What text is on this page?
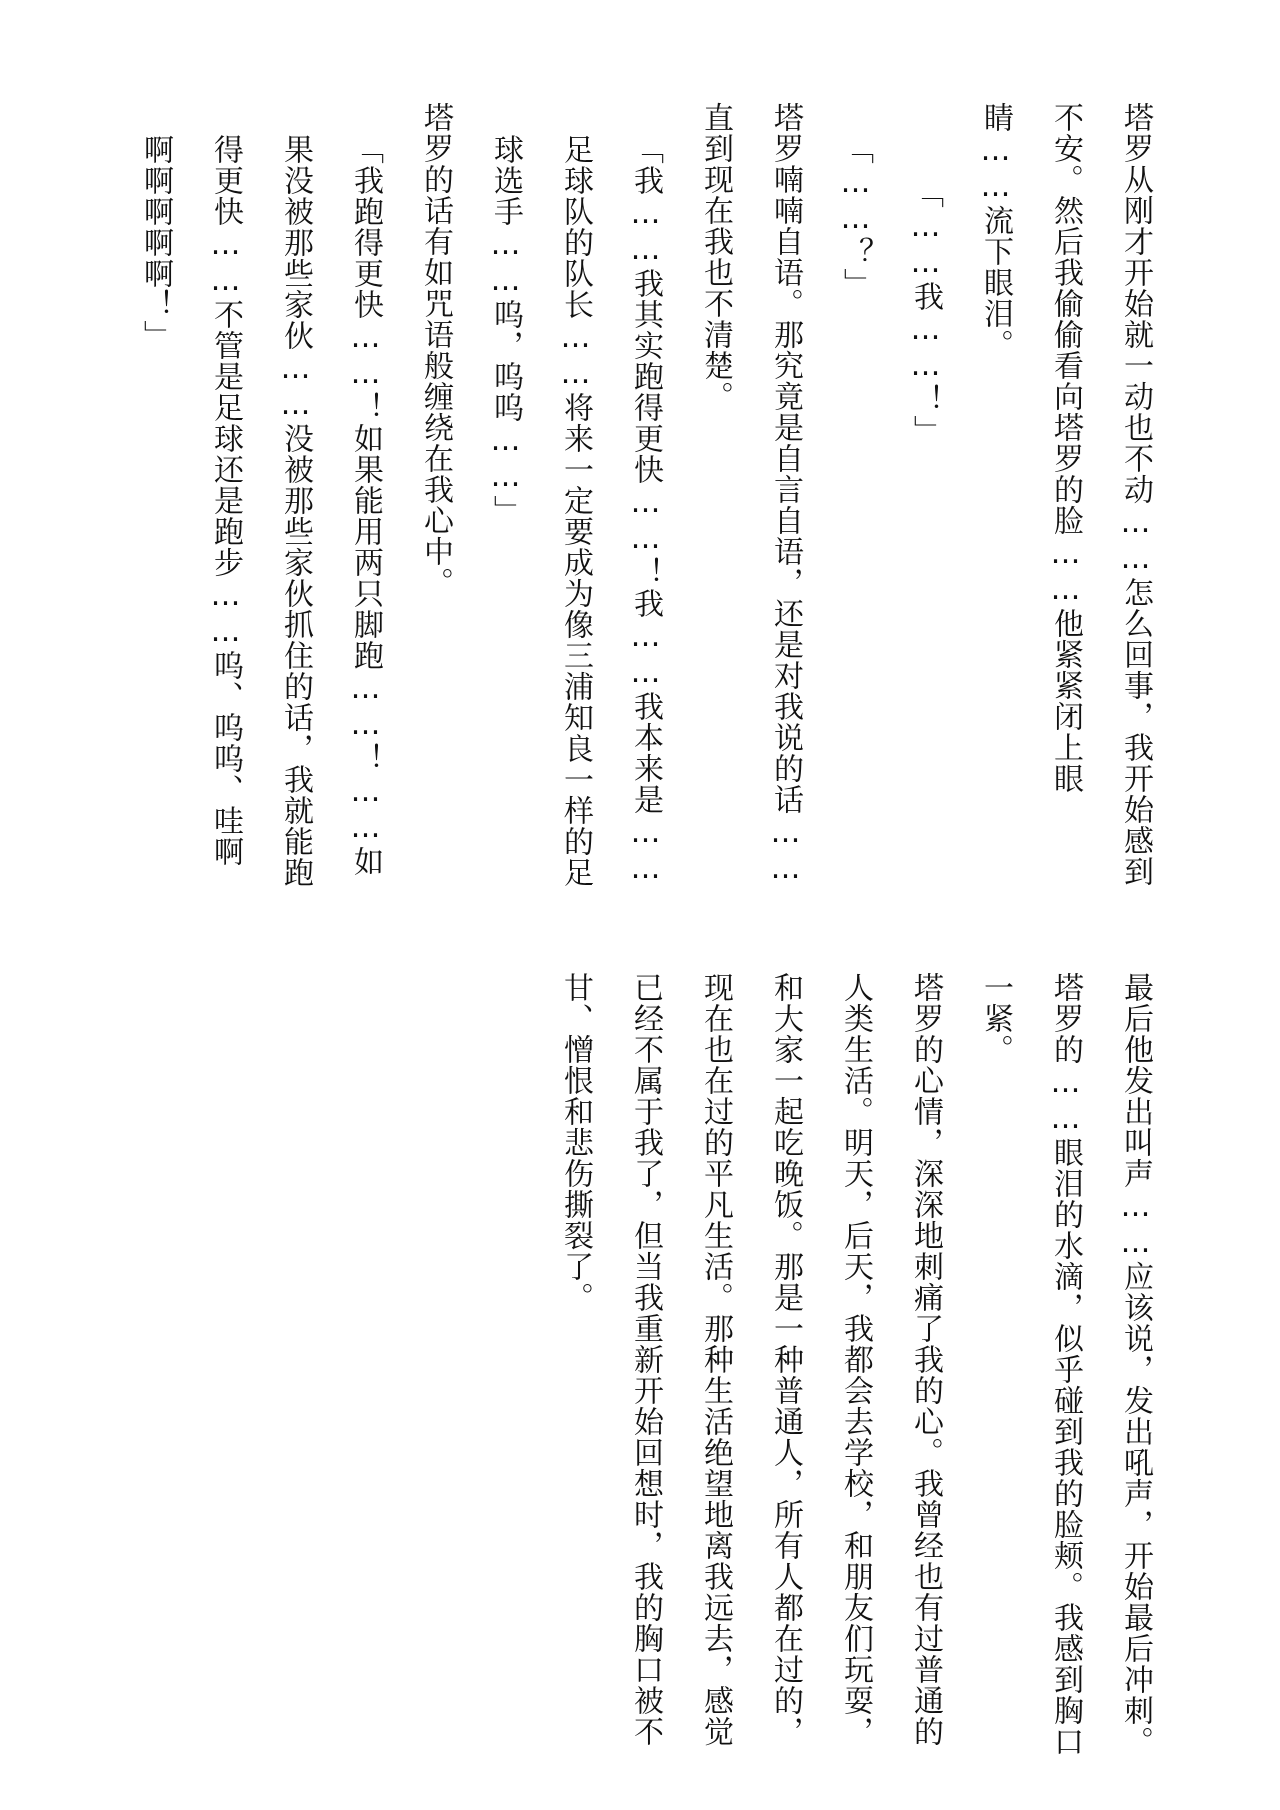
塔罗从刚才开始就一动也不动……怎么回事，我开始感到不安。然后我偷偷看向塔罗的脸……他紧紧闭上眼睛……流下眼泪。

「……我……！」

「……？」

塔罗喃喃自语。那究竟是自言自语，还是对我说的话……直到现在我也不清楚。

「我……我其实跑得更快……！我……我本来是……足球队的队长……将来一定要成为像三浦知良一样的足球选手……呜，呜呜……」

塔罗的话有如咒语般缠绕在我心中。

「我跑得更快……！如果能用两只脚跑……！……如果没被那些家伙……没被那些家伙抓住的话，我就能跑得更快……不管是足球还是跑步……呜、呜呜、哇啊啊啊啊啊啊！」

最后他发出叫声……应该说，发出吼声，开始最后冲刺。

塔罗的……眼泪的水滴，似乎碰到我的脸颊。我感到胸口一紧。

塔罗的心情，深深地刺痛了我的心。我曾经也有过普通的人类生活。明天，后天，我都会去学校，和朋友们玩耍，和大家一起吃晚饭。那是一种普通人，所有人都在过的，现在也在过的平凡生活。那种生活绝望地离我远去，感觉已经不属于我了，但当我重新开始回想时，我的胸口被不甘、憎恨和悲伤撕裂了。
